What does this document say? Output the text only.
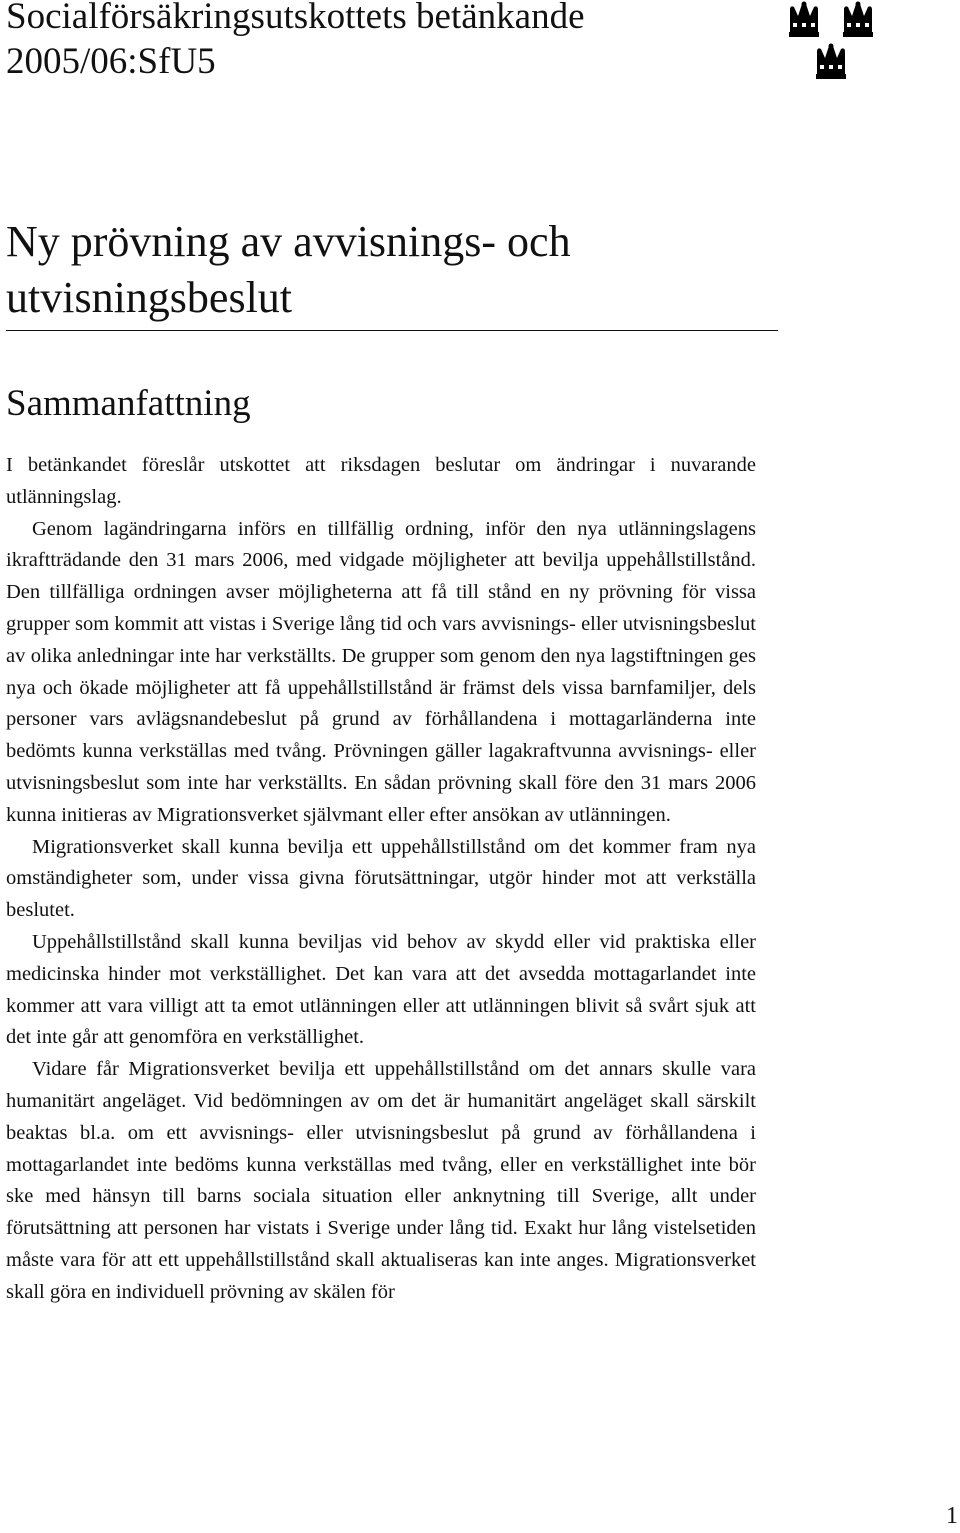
Socialförsäkringsutskottets betänkande
2005/06:SfU5
Ny prövning av avvisnings- och
utvisningsbeslut
Sammanfattning

I betänkandet föreslår utskottet att riksdagen beslutar om ändringar i nuvarande utlänningslag.

Genom lagändringarna införs en tillfällig ordning, inför den nya utlänningslagens ikraftträdande den 31 mars 2006, med vidgade möjligheter att bevilja uppehållstillstånd. Den tillfälliga ordningen avser möjligheterna att få till stånd en ny prövning för vissa grupper som kommit att vistas i Sverige lång tid och vars avvisnings- eller utvisningsbeslut av olika anledningar inte har verkställts. De grupper som genom den nya lagstiftningen ges nya och ökade möjligheter att få uppehållstillstånd är främst dels vissa barnfamiljer, dels personer vars avlägsnandebeslut på grund av förhållandena i mottagarländerna inte bedömts kunna verkställas med tvång. Prövningen gäller lagakraftvunna avvisnings- eller utvisningsbeslut som inte har verkställts. En sådan prövning skall före den 31 mars 2006 kunna initieras av Migrationsverket självmant eller efter ansökan av utlänningen.

Migrationsverket skall kunna bevilja ett uppehållstillstånd om det kommer fram nya omständigheter som, under vissa givna förutsättningar, utgör hinder mot att verkställa beslutet.

Uppehållstillstånd skall kunna beviljas vid behov av skydd eller vid praktiska eller medicinska hinder mot verkställighet. Det kan vara att det avsedda mottagarlandet inte kommer att vara villigt att ta emot utlänningen eller att utlänningen blivit så svårt sjuk att det inte går att genomföra en verkställighet.

Vidare får Migrationsverket bevilja ett uppehållstillstånd om det annars skulle vara humanitärt angeläget. Vid bedömningen av om det är humanitärt angeläget skall särskilt beaktas bl.a. om ett avvisnings- eller utvisningsbeslut på grund av förhållandena i mottagarlandet inte bedöms kunna verkställas med tvång, eller en verkställighet inte bör ske med hänsyn till barns sociala situation eller anknytning till Sverige, allt under förutsättning att personen har vistats i Sverige under lång tid. Exakt hur lång vistelsetiden måste vara för att ett uppehållstillstånd skall aktualiseras kan inte anges. Migrationsverket skall göra en individuell prövning av skälen för

1
